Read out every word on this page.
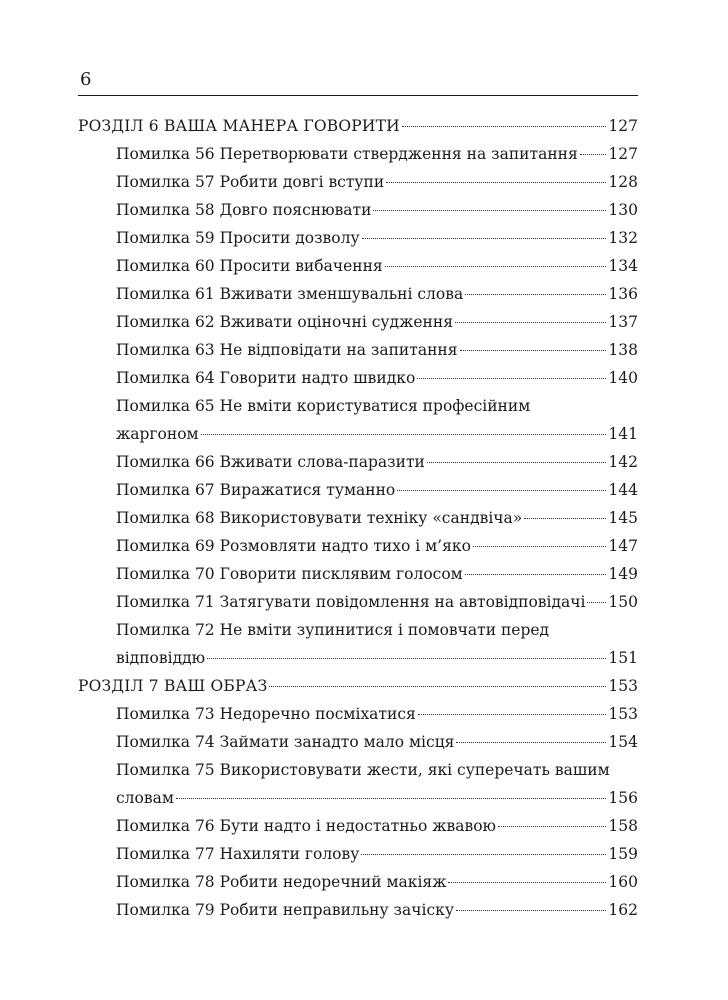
6
РОЗДІЛ 6 ВАША МАНЕРА ГОВОРИТИ	127
Помилка 56 Перетворювати ствердження на запитання 127
Помилка 57 Робити довгі вступи	128
Помилка 58 Довго пояснювати	130
Помилка 59 Просити дозволу	132
Помилка 60 Просити вибачення	134
Помилка 61 Вживати зменшувальні слова	136
Помилка 62 Вживати оціночні судження	137
Помилка 63 Не відповідати на запитання	138
Помилка 64 Говорити надто швидко	140
Помилка 65 Не вміти користуватися професійним
жаргоном	141
Помилка 66 Вживати слова-паразити	142
Помилка 67 Виражатися туманно	144
Помилка 68 Використовувати техніку «сандвіча»	145
Помилка 69 Розмовляти надто тихо і м’яко	147
Помилка 70 Говорити писклявим голосом	149
Помилка 71 Затягувати повідомлення на автовідповідачі 150
Помилка 72 Не вміти зупинитися і помовчати перед
відповіддю	151
РОЗДІЛ 7 ВАШ ОБРАЗ	153
Помилка 73 Недоречно посміхатися	153
Помилка 74 Займати занадто мало місця	154
Помилка 75 Використовувати жести, які суперечать вашим
словам	156
Помилка 76 Бути надто і недостатньо жвавою	158
Помилка 77 Нахиляти голову	159
Помилка 78 Робити недоречний макіяж	160
Помилка 79 Робити неправильну зачіску	162
